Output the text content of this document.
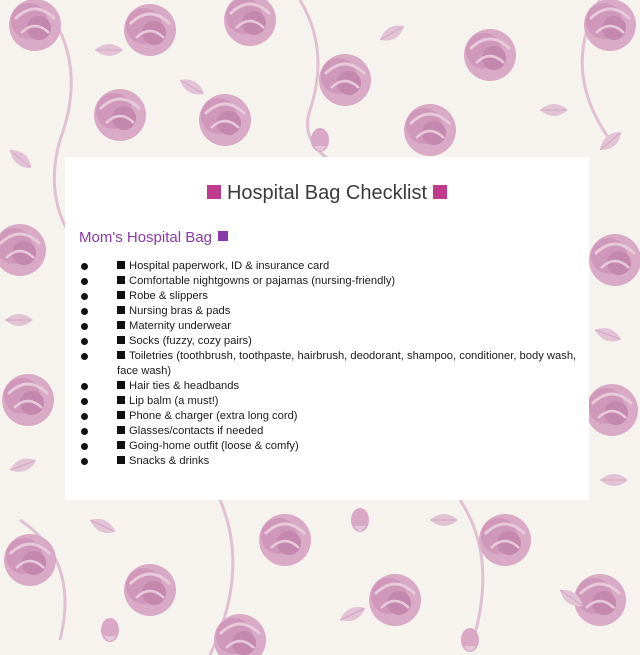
Hospital Bag Checklist
Mom's Hospital Bag
Hospital paperwork, ID & insurance card
Comfortable nightgowns or pajamas (nursing-friendly)
Robe & slippers
Nursing bras & pads
Maternity underwear
Socks (fuzzy, cozy pairs)
Toiletries (toothbrush, toothpaste, hairbrush, deodorant, shampoo, conditioner, body wash, face wash)
Hair ties & headbands
Lip balm (a must!)
Phone & charger (extra long cord)
Glasses/contacts if needed
Going-home outfit (loose & comfy)
Snacks & drinks
